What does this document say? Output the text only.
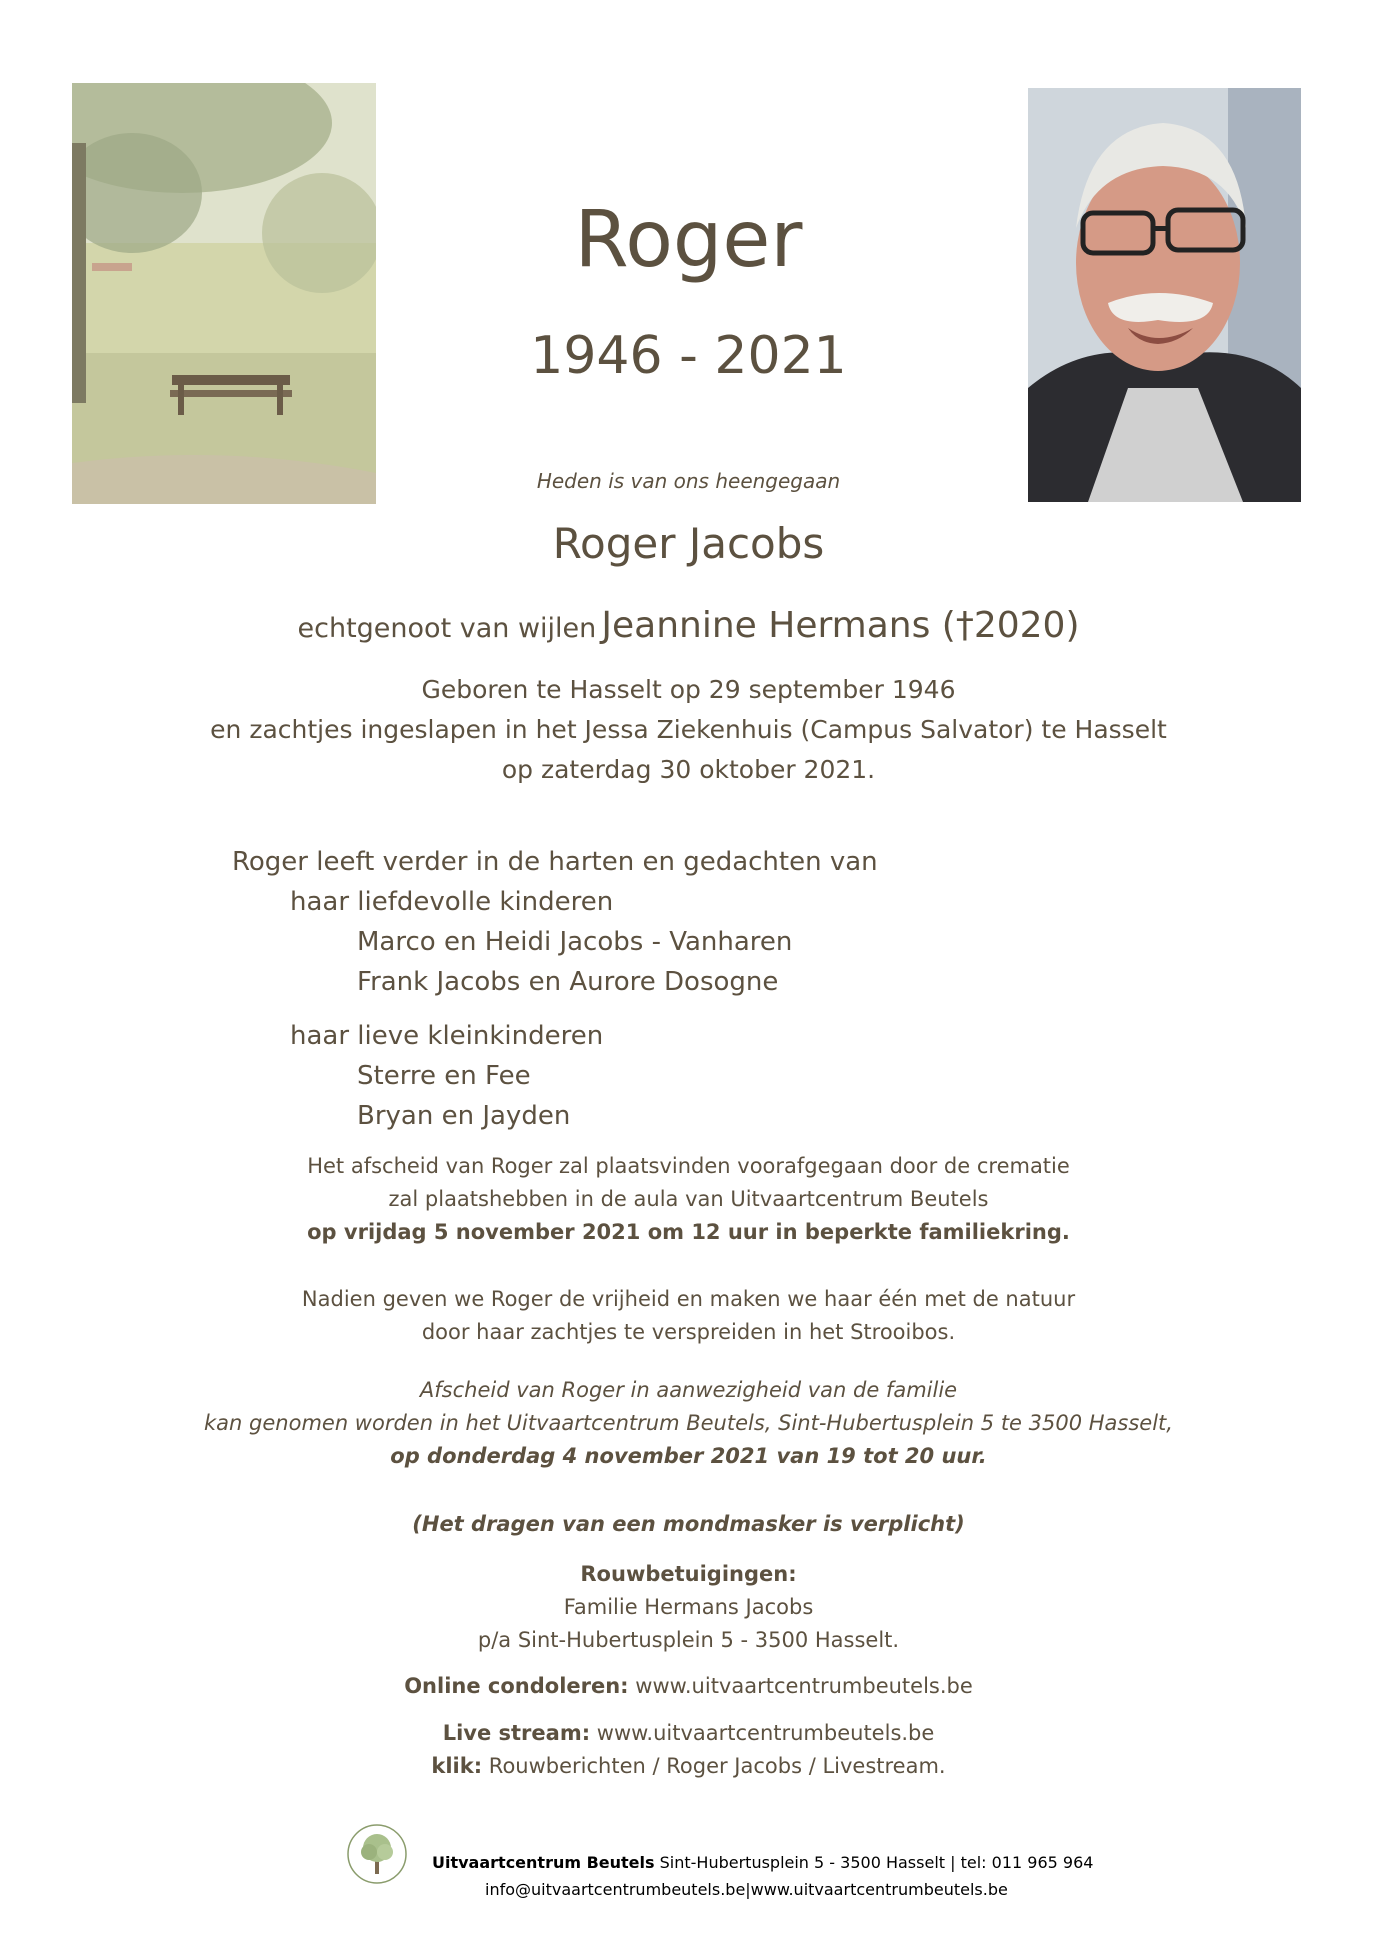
Roger
1946 - 2021
Heden is van ons heengegaan
Roger Jacobs
echtgenoot van wijlen Jeannine Hermans (†2020)
Geboren te Hasselt op 29 september 1946
en zachtjes ingeslapen in het Jessa Ziekenhuis (Campus Salvator) te Hasselt
op zaterdag 30 oktober 2021.
Roger leeft verder in de harten en gedachten van
haar liefdevolle kinderen
Marco en Heidi Jacobs - Vanharen
Frank Jacobs en Aurore Dosogne
haar lieve kleinkinderen
Sterre en Fee
Bryan en Jayden
Het afscheid van Roger zal plaatsvinden voorafgegaan door de crematie
zal plaatshebben in de aula van Uitvaartcentrum Beutels
op vrijdag 5 november 2021 om 12 uur in beperkte familiekring.
Nadien geven we Roger de vrijheid en maken we haar één met de natuur
door haar zachtjes te verspreiden in het Strooibos.
Afscheid van Roger in aanwezigheid van de familie
kan genomen worden in het Uitvaartcentrum Beutels, Sint-Hubertusplein 5 te 3500 Hasselt,
op donderdag 4 november 2021 van 19 tot 20 uur.
(Het dragen van een mondmasker is verplicht)
Rouwbetuigingen:
Familie Hermans Jacobs
p/a Sint-Hubertusplein 5 - 3500 Hasselt.
Online condoleren: www.uitvaartcentrumbeutels.be
Live stream: www.uitvaartcentrumbeutels.be
klik: Rouwberichten / Roger Jacobs / Livestream.
Uitvaartcentrum Beutels Sint-Hubertusplein 5 - 3500 Hasselt | tel: 011 965 964
info@uitvaartcentrumbeutels.be|www.uitvaartcentrumbeutels.be
